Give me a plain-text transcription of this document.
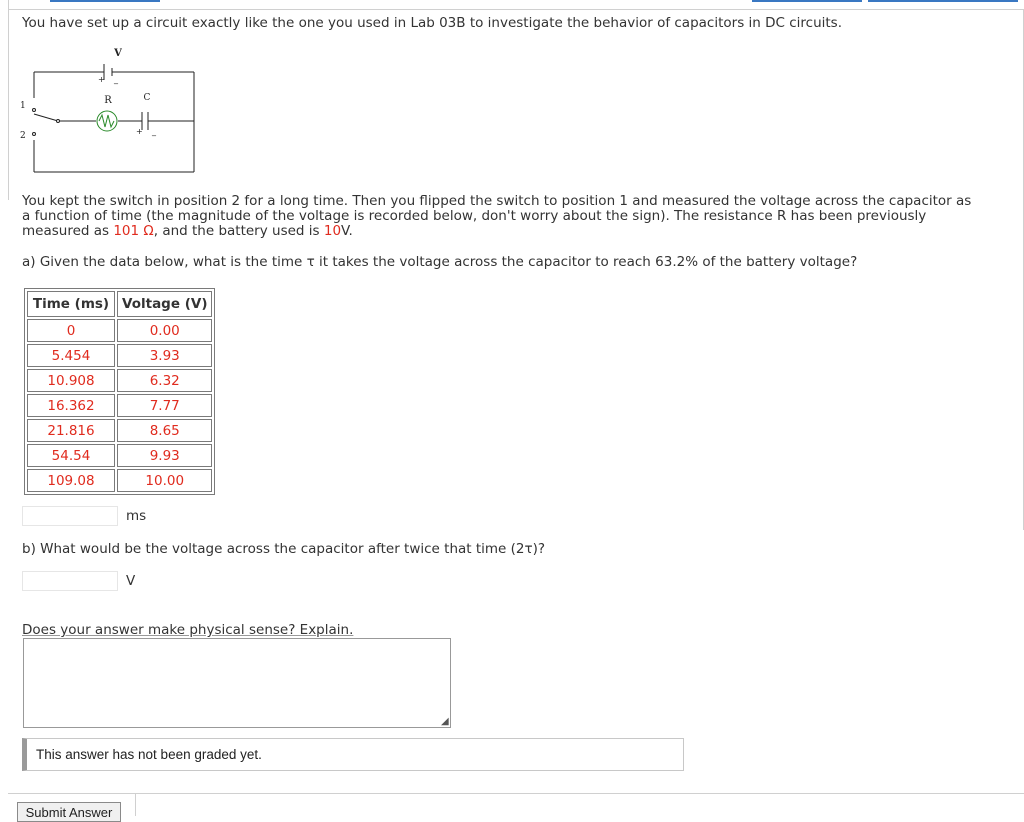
You have set up a circuit exactly like the one you used in Lab 03B to investigate the behavior of capacitors in DC circuits.
V
+ _
R	C
+ _
1
2
You kept the switch in position 2 for a long time. Then you flipped the switch to position 1 and measured the voltage across the capacitor as
a function of time (the magnitude of the voltage is recorded below, don't worry about the sign). The resistance R has been previously
measured as 101 Ω, and the battery used is 10V.
a) Given the data below, what is the time τ it takes the voltage across the capacitor to reach 63.2% of the battery voltage?
Time (ms)	Voltage (V)
0	0.00
5.454	3.93
10.908	6.32
16.362	7.77
21.816	8.65
54.54	9.93
109.08	10.00
ms
b) What would be the voltage across the capacitor after twice that time (2τ)?
V
Does your answer make physical sense? Explain.
◢
This answer has not been graded yet.
Submit Answer
